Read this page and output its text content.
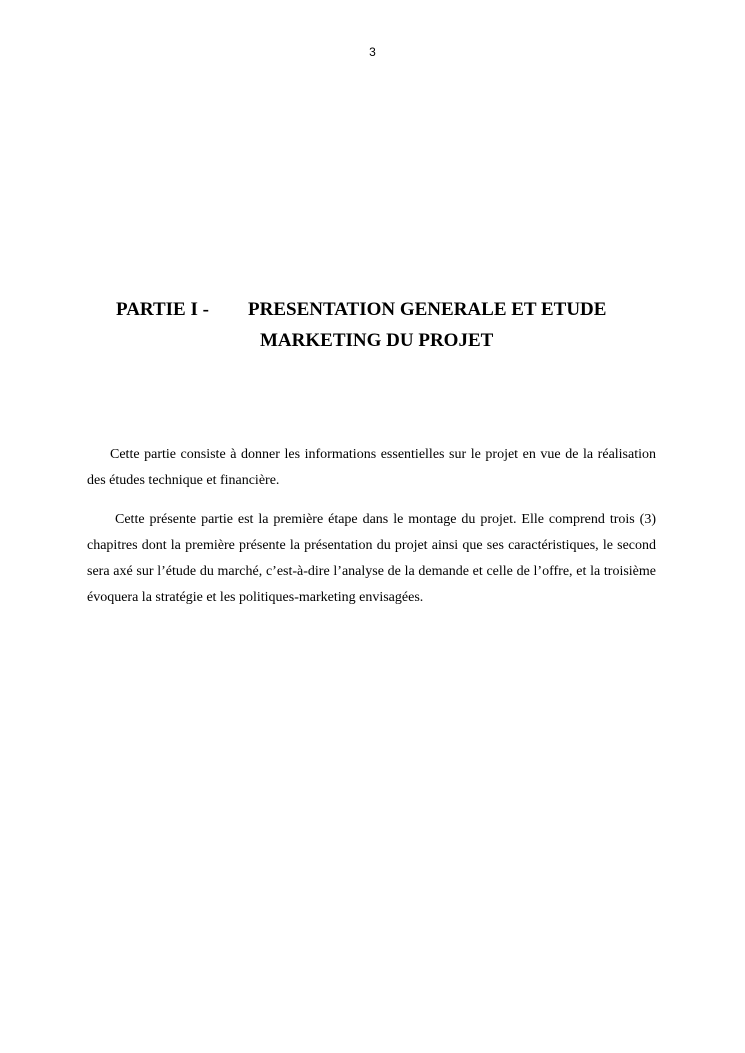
3
PARTIE I - PRESENTATION GENERALE ET ETUDE
MARKETING DU PROJET

Cette partie consiste à donner les informations essentielles sur le projet en vue de la réalisation des études technique et financière.

Cette présente partie est la première étape dans le montage du projet. Elle comprend trois (3) chapitres dont la première présente la présentation du projet ainsi que ses caractéristiques, le second sera axé sur l’étude du marché, c’est-à-dire l’analyse de la demande et celle de l’offre, et la troisième évoquera la stratégie et les politiques-marketing envisagées.
